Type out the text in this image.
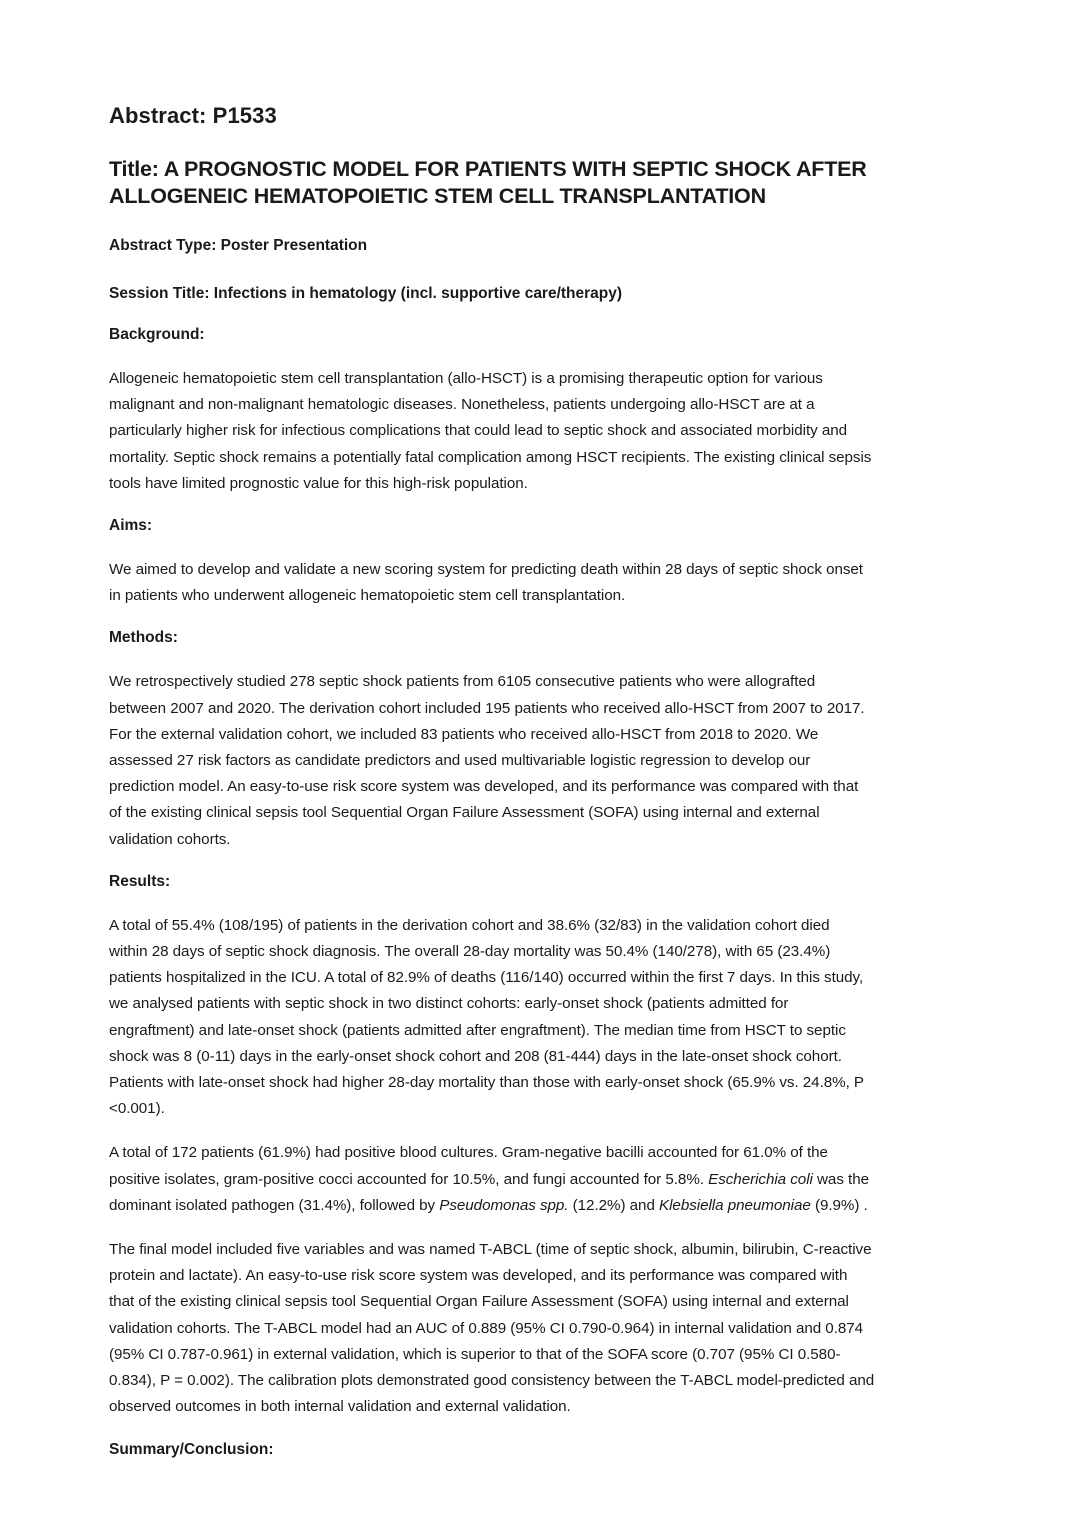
Abstract: P1533
Title: A PROGNOSTIC MODEL FOR PATIENTS WITH SEPTIC SHOCK AFTER
ALLOGENEIC HEMATOPOIETIC STEM CELL TRANSPLANTATION

Abstract Type: Poster Presentation

Session Title: Infections in hematology (incl. supportive care/therapy)

Background:

Allogeneic hematopoietic stem cell transplantation (allo-HSCT) is a promising therapeutic option for various
malignant and non-malignant hematologic diseases. Nonetheless, patients undergoing allo-HSCT are at a
particularly higher risk for infectious complications that could lead to septic shock and associated morbidity and
mortality. Septic shock remains a potentially fatal complication among HSCT recipients. The existing clinical sepsis
tools have limited prognostic value for this high-risk population.

Aims:

We aimed to develop and validate a new scoring system for predicting death within 28 days of septic shock onset
in patients who underwent allogeneic hematopoietic stem cell transplantation.

Methods:

We retrospectively studied 278 septic shock patients from 6105 consecutive patients who were allografted
between 2007 and 2020. The derivation cohort included 195 patients who received allo-HSCT from 2007 to 2017.
For the external validation cohort, we included 83 patients who received allo-HSCT from 2018 to 2020. We
assessed 27 risk factors as candidate predictors and used multivariable logistic regression to develop our
prediction model. An easy-to-use risk score system was developed, and its performance was compared with that
of the existing clinical sepsis tool Sequential Organ Failure Assessment (SOFA) using internal and external
validation cohorts.

Results:

A total of 55.4% (108/195) of patients in the derivation cohort and 38.6% (32/83) in the validation cohort died
within 28 days of septic shock diagnosis. The overall 28-day mortality was 50.4% (140/278), with 65 (23.4%)
patients hospitalized in the ICU. A total of 82.9% of deaths (116/140) occurred within the first 7 days. In this study,
we analysed patients with septic shock in two distinct cohorts: early-onset shock (patients admitted for
engraftment) and late-onset shock (patients admitted after engraftment). The median time from HSCT to septic
shock was 8 (0-11) days in the early-onset shock cohort and 208 (81-444) days in the late-onset shock cohort.
Patients with late-onset shock had higher 28-day mortality than those with early-onset shock (65.9% vs. 24.8%, P
<0.001).

A total of 172 patients (61.9%) had positive blood cultures. Gram-negative bacilli accounted for 61.0% of the
positive isolates, gram-positive cocci accounted for 10.5%, and fungi accounted for 5.8%. Escherichia coli was the
dominant isolated pathogen (31.4%), followed by Pseudomonas spp. (12.2%) and Klebsiella pneumoniae (9.9%) .

The final model included five variables and was named T-ABCL (time of septic shock, albumin, bilirubin, C-reactive
protein and lactate). An easy-to-use risk score system was developed, and its performance was compared with
that of the existing clinical sepsis tool Sequential Organ Failure Assessment (SOFA) using internal and external
validation cohorts. The T-ABCL model had an AUC of 0.889 (95% CI 0.790-0.964) in internal validation and 0.874
(95% CI 0.787-0.961) in external validation, which is superior to that of the SOFA score (0.707 (95% CI 0.580-
0.834), P = 0.002). The calibration plots demonstrated good consistency between the T-ABCL model-predicted and
observed outcomes in both internal validation and external validation.

Summary/Conclusion:
